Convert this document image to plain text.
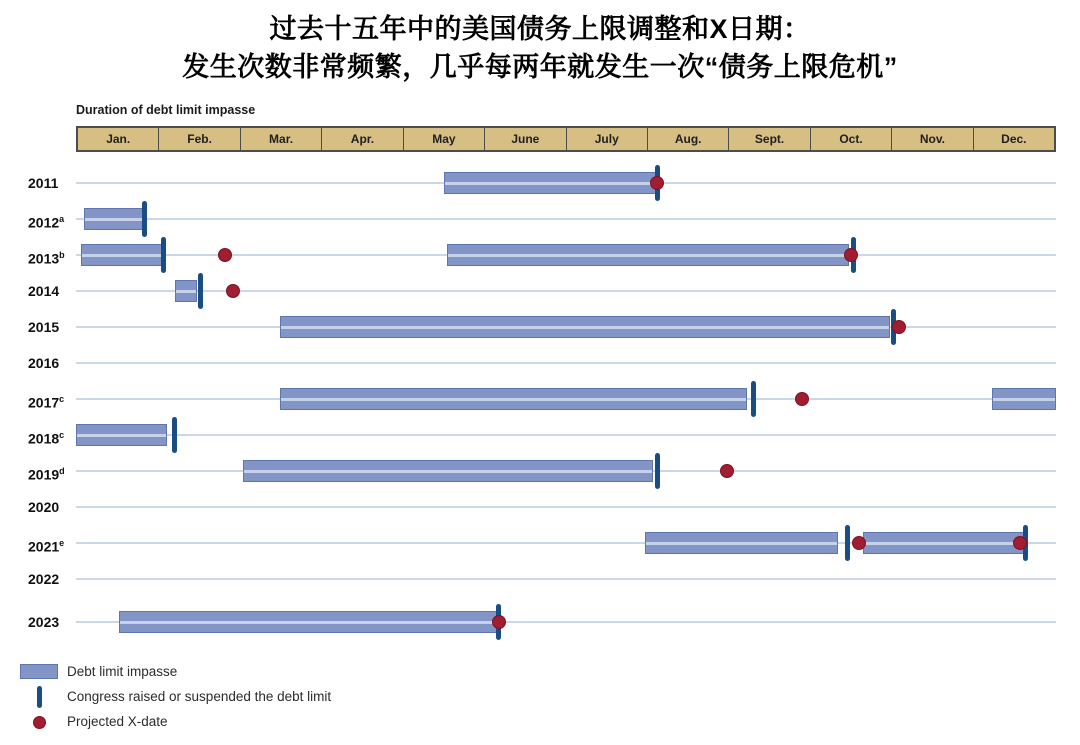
过去十五年中的美国债务上限调整和X日期：
发生次数非常频繁，几乎每两年就发生一次“债务上限危机”
Duration of debt limit impasse
Jan.	Feb.	Mar.	Apr.	May	June	July	Aug.	Sept.	Oct.	Nov.	Dec.
2011
2012$^a$
2013$^b$
2014
2015
2016
2017$^c$
2018$^c$
2019$^d$
2020
2021e
2022
2023
Debt limit impasse
Congress raised or suspended the debt limit
Projected X-date
